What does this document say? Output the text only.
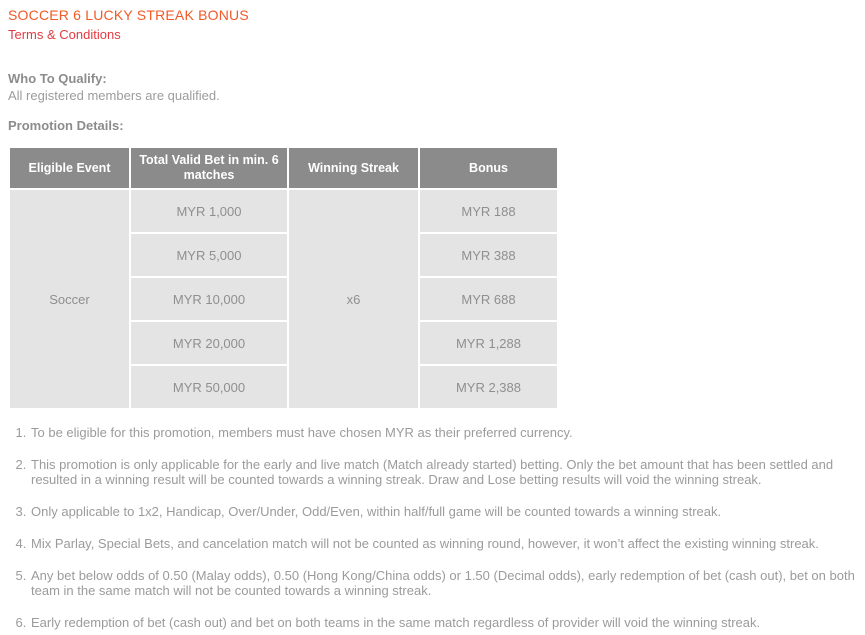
SOCCER 6 LUCKY STREAK BONUS
Terms & Conditions
Who To Qualify:

All registered members are qualified.

Promotion Details:
Eligible Event	Total Valid Bet in min. 6 matches	Winning Streak	Bonus
Soccer	MYR 1,000	x6	MYR 188
	MYR 5,000		MYR 388
	MYR 10,000		MYR 688
	MYR 20,000		MYR 1,288
	MYR 50,000		MYR 2,388
1. To be eligible for this promotion, members must have chosen MYR as their preferred currency.
2. This promotion is only applicable for the early and live match (Match already started) betting. Only the bet amount that has been settled and resulted in a winning result will be counted towards a winning streak. Draw and Lose betting results will void the winning streak.
3. Only applicable to 1x2, Handicap, Over/Under, Odd/Even, within half/full game will be counted towards a winning streak.
4. Mix Parlay, Special Bets, and cancelation match will not be counted as winning round, however, it won’t affect the existing winning streak.
5. Any bet below odds of 0.50 (Malay odds), 0.50 (Hong Kong/China odds) or 1.50 (Decimal odds), early redemption of bet (cash out), bet on both team in the same match will not be counted towards a winning streak.
6. Early redemption of bet (cash out) and bet on both teams in the same match regardless of provider will void the winning streak.
